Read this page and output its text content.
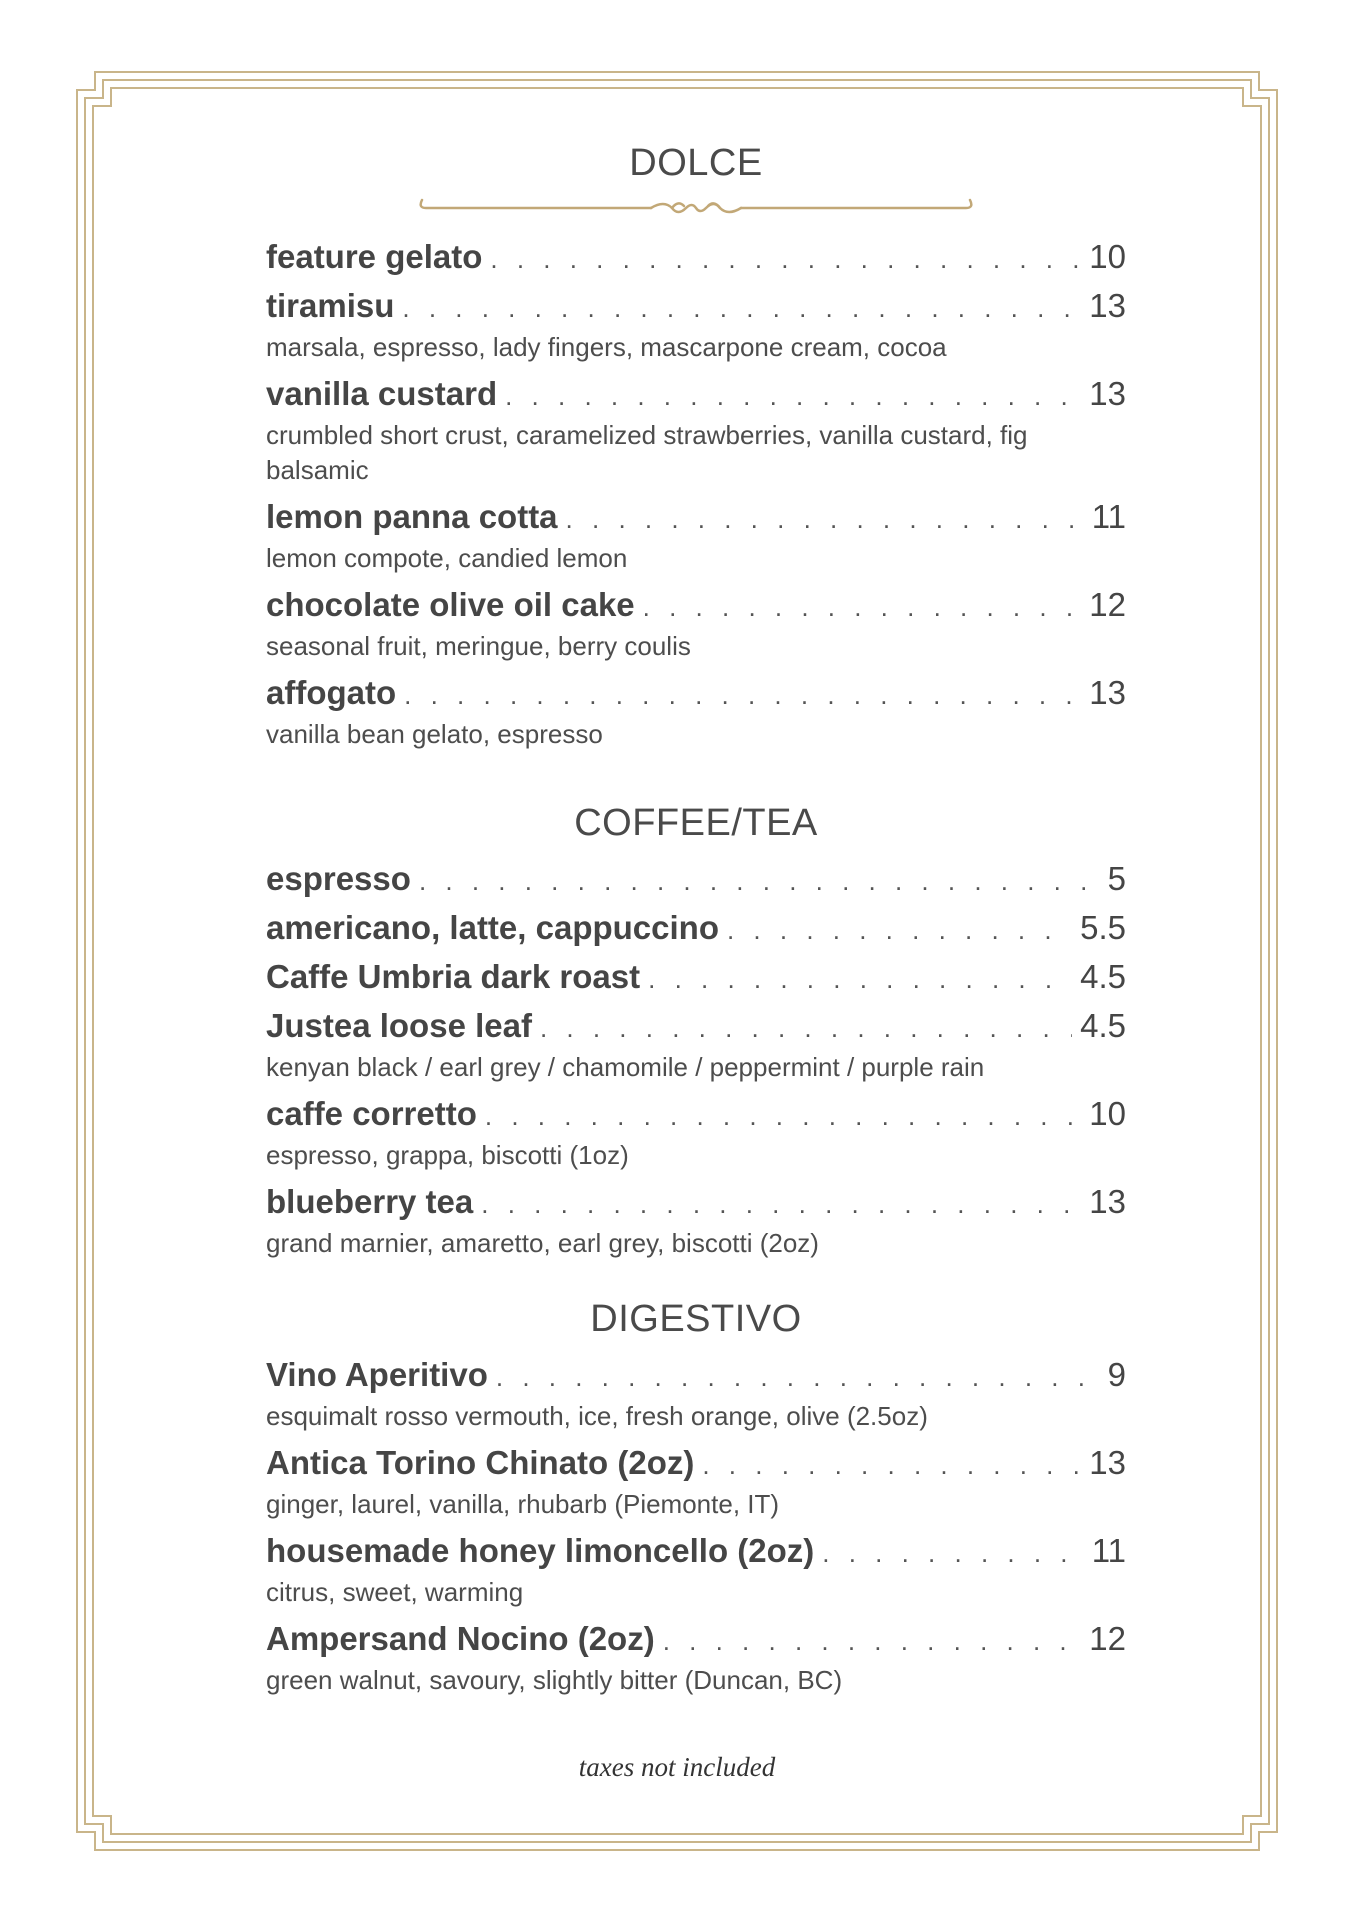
DOLCE
feature gelato . . .	10
tiramisu . . .	13
marsala, espresso, lady fingers, mascarpone cream, cocoa
vanilla custard . . .	13
crumbled short crust, caramelized strawberries, vanilla custard, fig balsamic
lemon panna cotta . . .	11
lemon compote, candied lemon
chocolate olive oil cake . . .	12
seasonal fruit, meringue, berry coulis
affogato . . .	13
vanilla bean gelato, espresso
COFFEE/TEA
espresso . . .	5
americano, latte, cappuccino . . .	5.5
Caffe Umbria dark roast . . .	4.5
Justea loose leaf . . .	4.5
kenyan black / earl grey / chamomile / peppermint / purple rain
caffe corretto . . .	10
espresso, grappa, biscotti (1oz)
blueberry tea . . .	13
grand marnier, amaretto, earl grey, biscotti (2oz)
DIGESTIVO
Vino Aperitivo . . .	9
esquimalt rosso vermouth, ice, fresh orange, olive (2.5oz)
Antica Torino Chinato (2oz) . . .	13
ginger, laurel, vanilla, rhubarb (Piemonte, IT)
housemade honey limoncello (2oz) . . .	11
citrus, sweet, warming
Ampersand Nocino (2oz) . . .	12
green walnut, savoury, slightly bitter (Duncan, BC)
taxes not included
